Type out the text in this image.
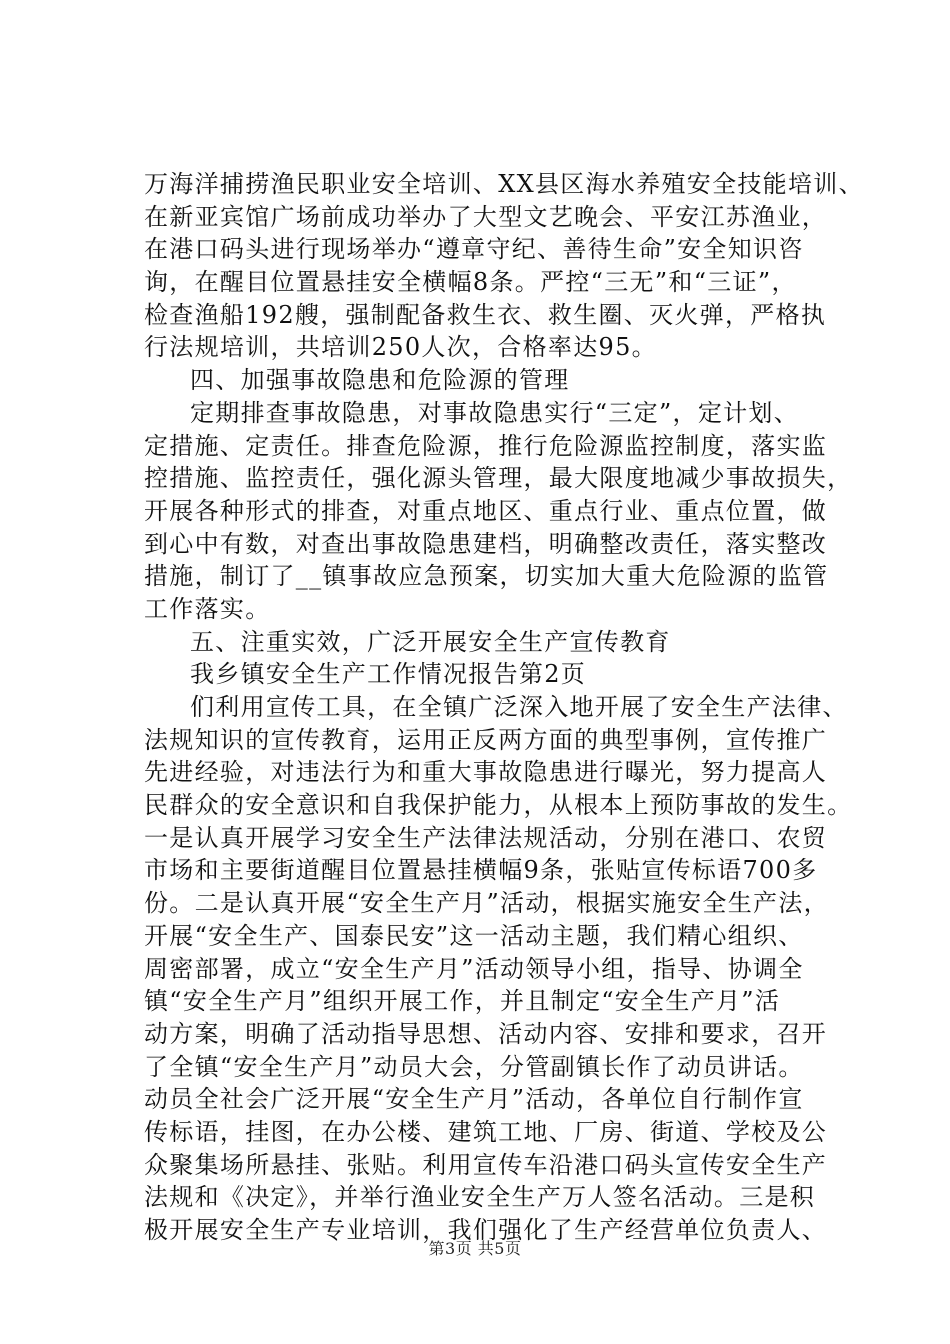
万海洋捕捞渔民职业安全培训、XX县区海水养殖安全技能培训、
在新亚宾馆广场前成功举办了大型文艺晚会、平安江苏渔业，
在港口码头进行现场举办“遵章守纪、善待生命”安全知识咨
询，在醒目位置悬挂安全横幅8条。严控“三无”和“三证”，
检查渔船192艘，强制配备救生衣、救生圈、灭火弹，严格执
行法规培训，共培训250人次，合格率达95。
四、加强事故隐患和危险源的管理
定期排查事故隐患，对事故隐患实行“三定”，定计划、
定措施、定责任。排查危险源，推行危险源监控制度，落实监
控措施、监控责任，强化源头管理，最大限度地减少事故损失，
开展各种形式的排查，对重点地区、重点行业、重点位置，做
到心中有数，对查出事故隐患建档，明确整改责任，落实整改
措施，制订了__镇事故应急预案，切实加大重大危险源的监管
工作落实。
五、注重实效，广泛开展安全生产宣传教育
我乡镇安全生产工作情况报告第2页
们利用宣传工具，在全镇广泛深入地开展了安全生产法律、
法规知识的宣传教育，运用正反两方面的典型事例，宣传推广
先进经验，对违法行为和重大事故隐患进行曝光，努力提高人
民群众的安全意识和自我保护能力，从根本上预防事故的发生。
一是认真开展学习安全生产法律法规活动，分别在港口、农贸
市场和主要街道醒目位置悬挂横幅9条，张贴宣传标语700多
份。二是认真开展“安全生产月”活动，根据实施安全生产法，
开展“安全生产、国泰民安”这一活动主题，我们精心组织、
周密部署，成立“安全生产月”活动领导小组，指导、协调全
镇“安全生产月”组织开展工作，并且制定“安全生产月”活
动方案，明确了活动指导思想、活动内容、安排和要求，召开
了全镇“安全生产月”动员大会，分管副镇长作了动员讲话。
动员全社会广泛开展“安全生产月”活动，各单位自行制作宣
传标语，挂图，在办公楼、建筑工地、厂房、街道、学校及公
众聚集场所悬挂、张贴。利用宣传车沿港口码头宣传安全生产
法规和《决定》，并举行渔业安全生产万人签名活动。三是积
极开展安全生产专业培训，我们强化了生产经营单位负责人、
第3页 共5页
